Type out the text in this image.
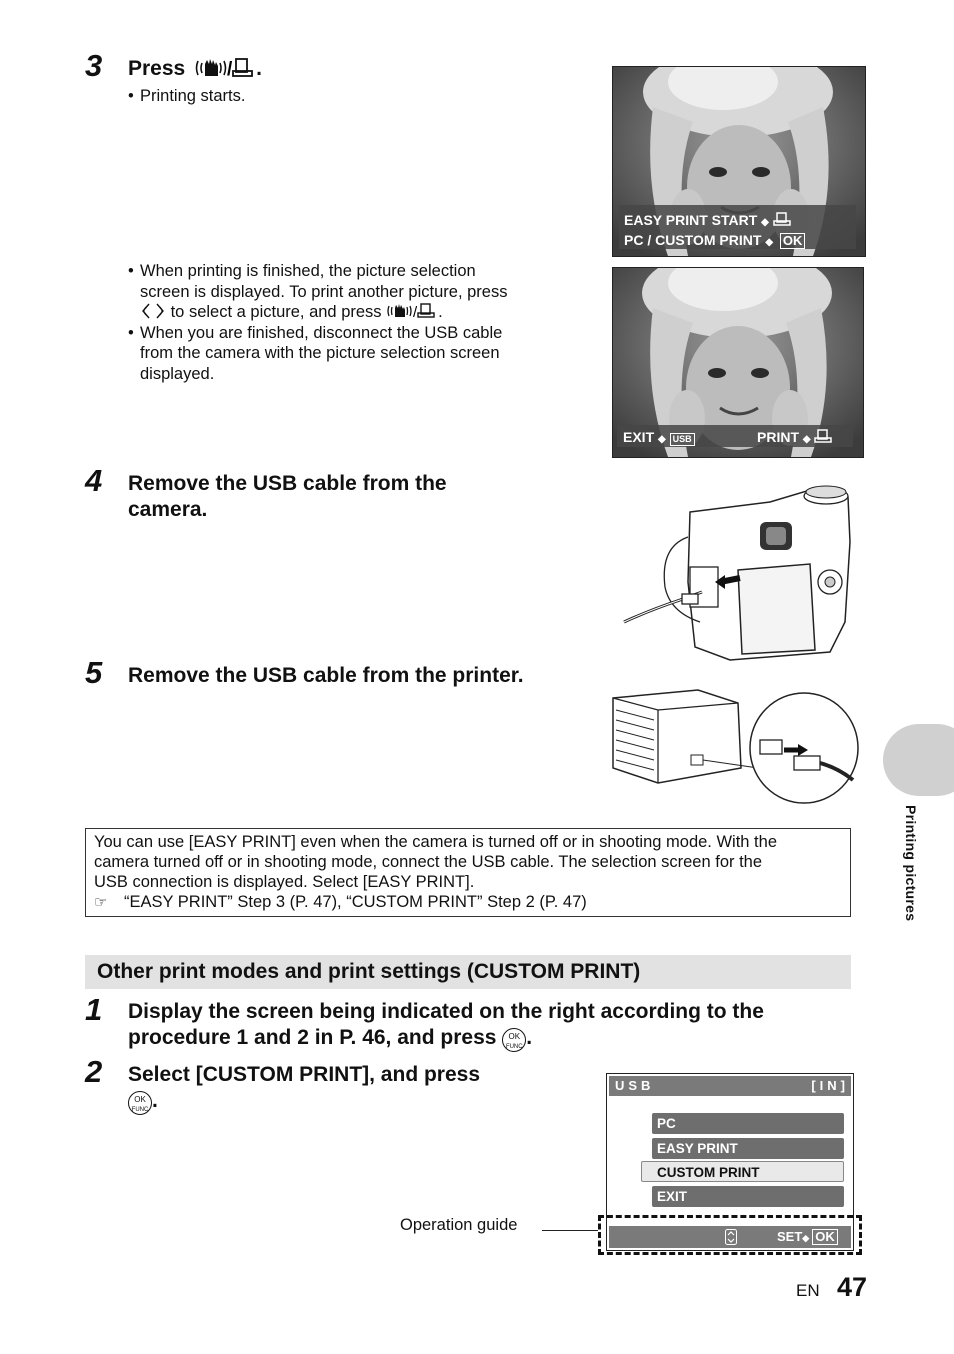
3 Press / .
• Printing starts.
• When printing is finished, the picture selection
screen is displayed. To print another picture, press
to select a picture, and press / .
• When you are finished, disconnect the USB cable
from the camera with the picture selection screen
displayed.
EASY PRINT START ◆
PC / CUSTOM PRINT ◆ OK
EXIT ◆ USB	PRINT ◆
4 Remove the USB cable from the
camera.
5 Remove the USB cable from the printer.
You can use [EASY PRINT] even when the camera is turned off or in shooting mode. With the
camera turned off or in shooting mode, connect the USB cable. The selection screen for the
USB connection is displayed. Select [EASY PRINT].
☞ “EASY PRINT” Step 3 (P. 47), “CUSTOM PRINT” Step 2 (P. 47)
Other print modes and print settings (CUSTOM PRINT)
1 Display the screen being indicated on the right according to the
procedure 1 and 2 in P. 46, and press OK
FUNC .
2 Select [CUSTOM PRINT], and press
OK
FUNC .
USB	[IN]
PC
EASY PRINT
CUSTOM PRINT
EXIT
SET◆ OK
Operation guide
Printing pictures
EN 47
